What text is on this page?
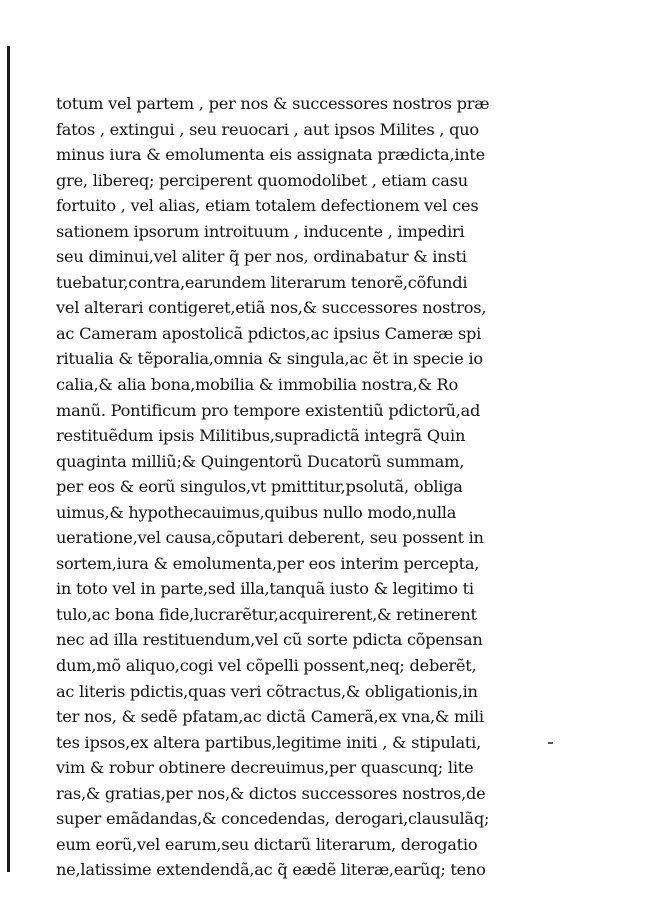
totum vel partem , per nos & successores nostros præ
fatos , extingui , seu reuocari , aut ipsos Milites , quo
minus iura & emolumenta eis assignata prædicta,inte
gre, libereq; perciperent quomodolibet , etiam casu
fortuito , vel alias, etiam totalem defectionem vel ces
sationem ipsorum introituum , inducente , impediri
seu diminui,vel aliter q̃ per nos, ordinabatur & insti
tuebatur,contra,earundem literarum tenorẽ,cõfundi
vel alterari contigeret,etiã nos,& successores nostros,
ac Cameram apostolicã pdictos,ac ipsius Cameræ spi
ritualia & tẽporalia,omnia & singula,ac ẽt in specie io
calia,& alia bona,mobilia & immobilia nostra,& Ro
manũ. Pontificum pro tempore existentiũ pdictorũ,ad
restituẽdum ipsis Militibus,supradictã integrã Quin
quaginta milliũ;& Quingentorũ Ducatorũ summam,
per eos & eorũ singulos,vt pmittitur,psolutã, obliga
uimus,& hypothecauimus,quibus nullo modo,nulla
ueratione,vel causa,cõputari deberent, seu possent in
sortem,iura & emolumenta,per eos interim percepta,
in toto vel in parte,sed illa,tanquã iusto & legitimo ti
tulo,ac bona fide,lucrarẽtur,acquirerent,& retinerent
nec ad illa restituendum,vel cũ sorte pdicta cõpensan
dum,mõ aliquo,cogi vel cõpelli possent,neq; deberẽt,
ac literis pdictis,quas veri cõtractus,& obligationis,in
ter nos, & sedẽ pfatam,ac dictã Camerã,ex vna,& mili
tes ipsos,ex altera partibus,legitime initi , & stipulati,
vim & robur obtinere decreuimus,per quascunq; lite
ras,& gratias,per nos,& dictos successores nostros,de
super emãdandas,& concedendas, derogari,clausulãq;
eum eorũ,vel earum,seu dictarũ literarum, derogatio
ne,latissime extendendã,ac q̃ eædẽ literæ,earũq; teno
